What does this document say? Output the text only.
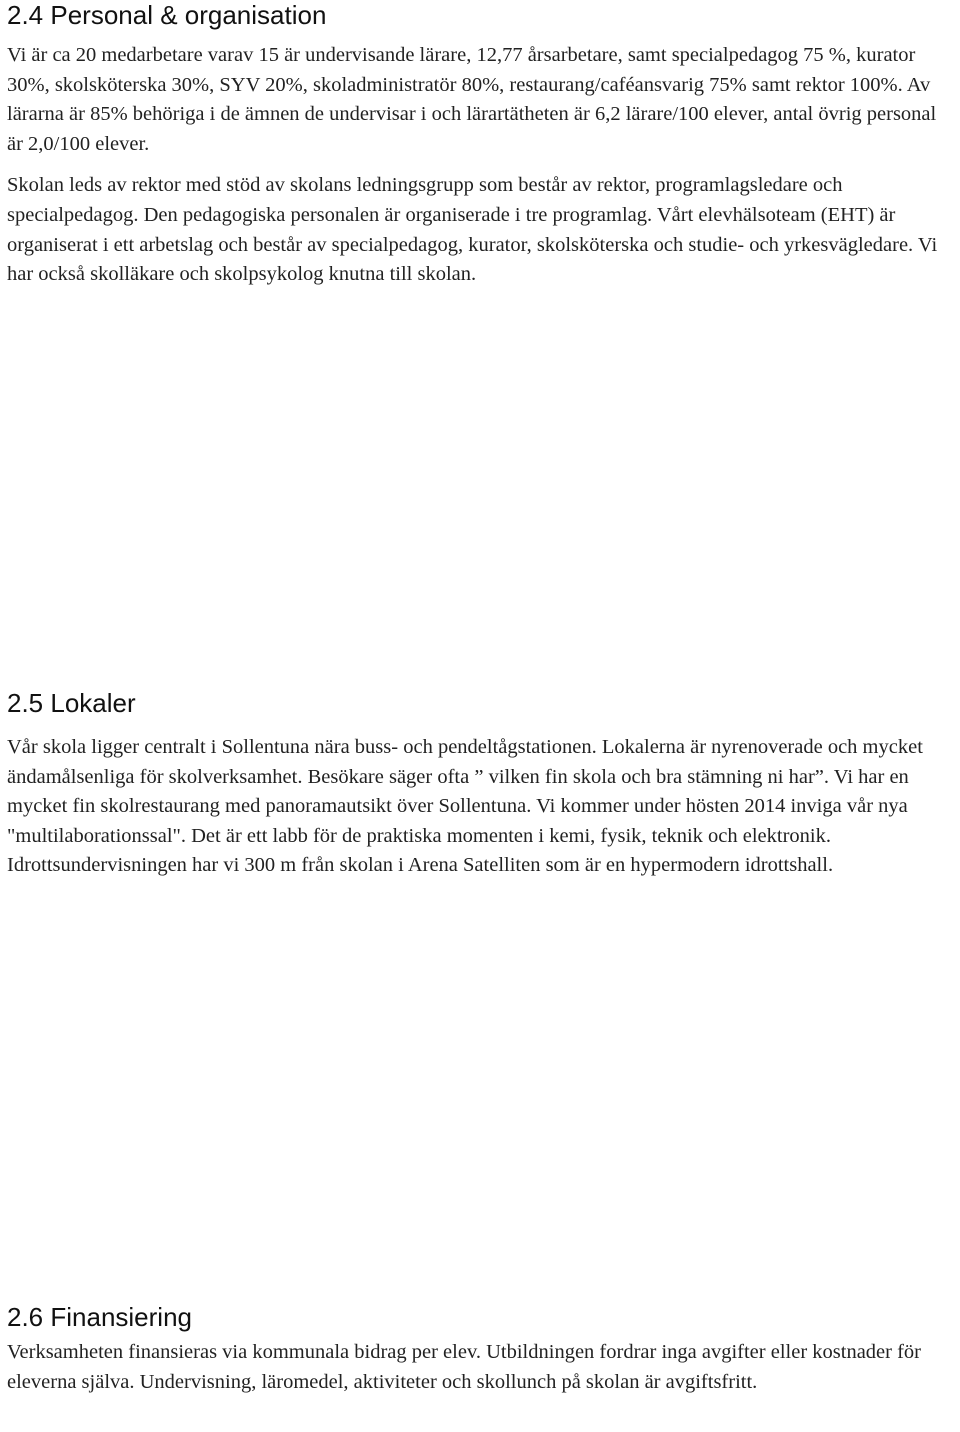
2.4 Personal & organisation

Vi är ca 20 medarbetare varav 15 är undervisande lärare, 12,77 årsarbetare, samt specialpedagog 75 %, kurator 30%, skolsköterska 30%, SYV 20%, skoladministratör 80%, restaurang/caféansvarig 75% samt rektor 100%. Av lärarna är 85% behöriga i de ämnen de undervisar i och lärartätheten är 6,2 lärare/100 elever, antal övrig personal är 2,0/100 elever.

Skolan leds av rektor med stöd av skolans ledningsgrupp som består av rektor, programlagsledare och specialpedagog. Den pedagogiska personalen är organiserade i tre programlag. Vårt elevhälsoteam (EHT) är organiserat i ett arbetslag och består av specialpedagog, kurator, skolsköterska och studie- och yrkesvägledare. Vi har också skolläkare och skolpsykolog knutna till skolan.

2.5 Lokaler

Vår skola ligger centralt i Sollentuna nära buss- och pendeltågstationen. Lokalerna är nyrenoverade och mycket ändamålsenliga för skolverksamhet. Besökare säger ofta ” vilken fin skola och bra stämning ni har”. Vi har en mycket fin skolrestaurang med panoramautsikt över Sollentuna. Vi kommer under hösten 2014 inviga vår nya "multilaborationssal". Det är ett labb för de praktiska momenten i kemi, fysik, teknik och elektronik. Idrottsundervisningen har vi 300 m från skolan i Arena Satelliten som är en hypermodern idrottshall.

2.6 Finansiering

Verksamheten finansieras via kommunala bidrag per elev. Utbildningen fordrar inga avgifter eller kostnader för eleverna själva. Undervisning, läromedel, aktiviteter och skollunch på skolan är avgiftsfritt.
